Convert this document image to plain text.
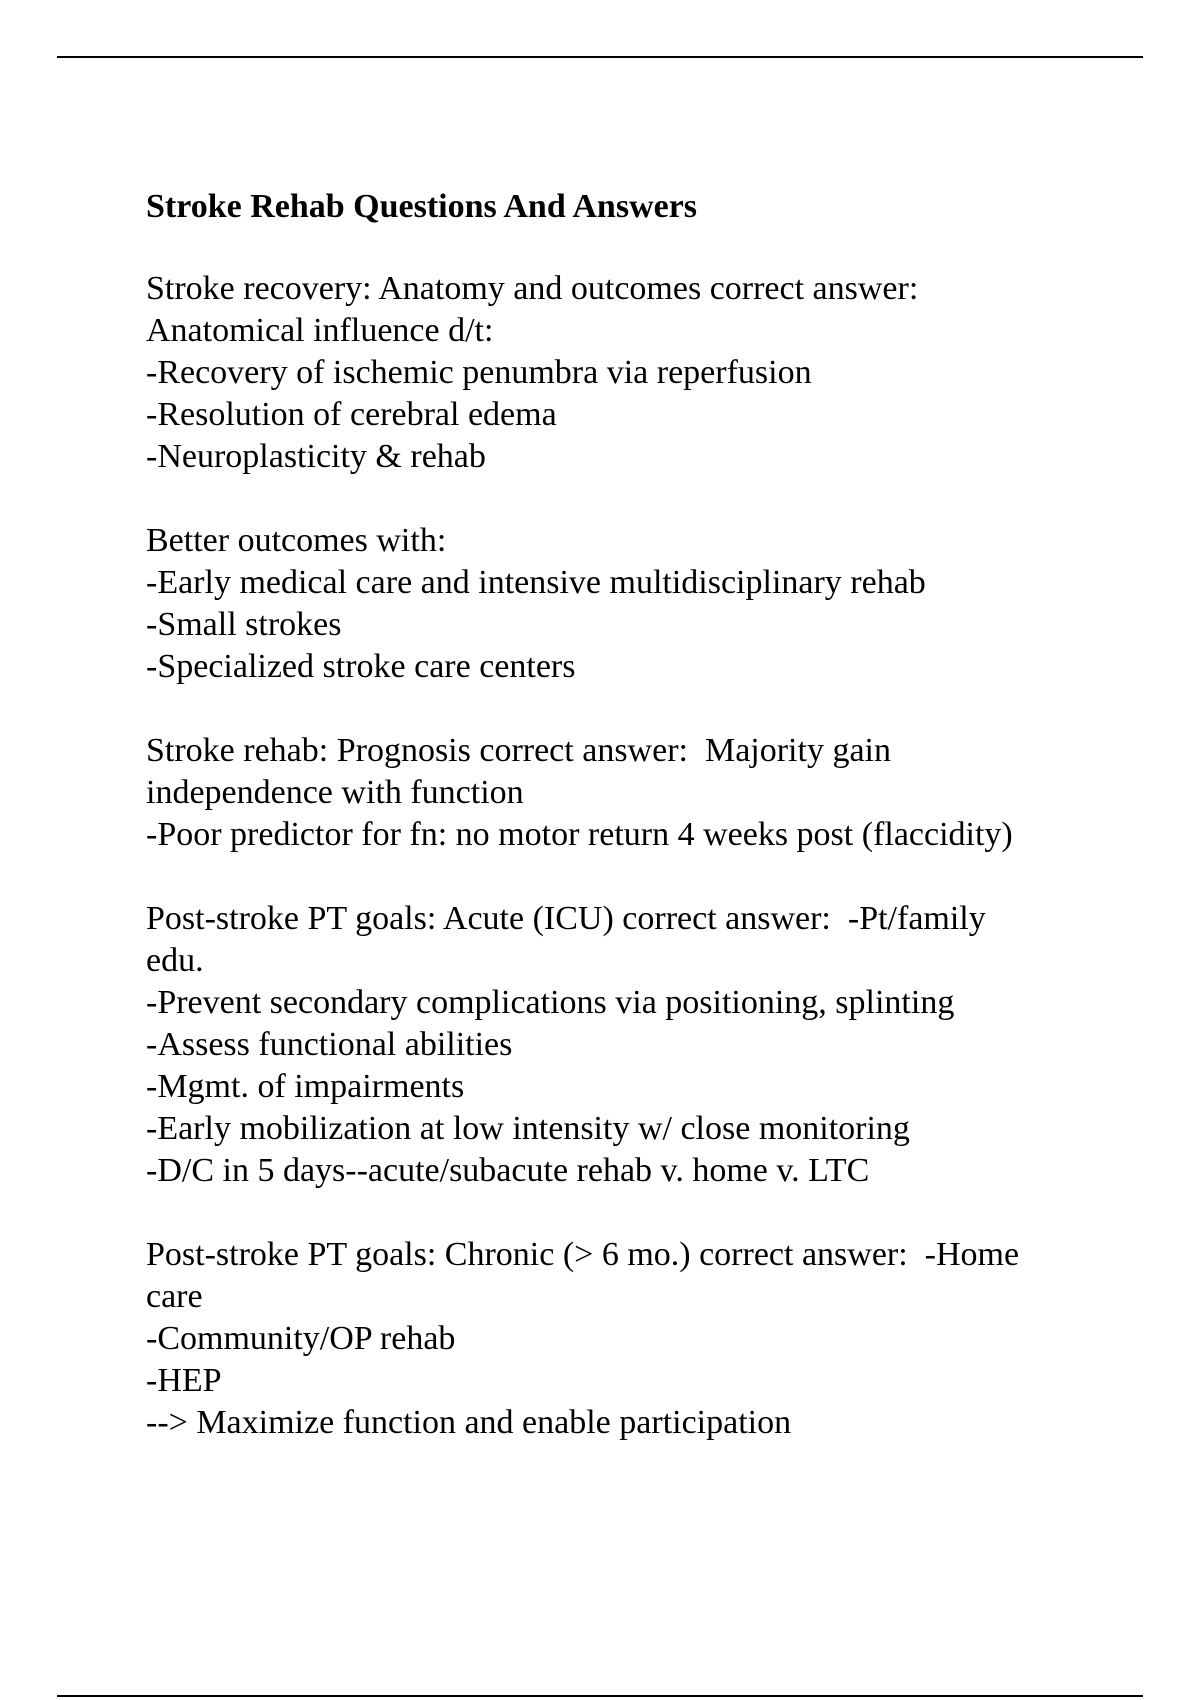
Stroke Rehab Questions And Answers
Stroke recovery: Anatomy and outcomes correct answer:
Anatomical influence d/t:
-Recovery of ischemic penumbra via reperfusion
-Resolution of cerebral edema
-Neuroplasticity & rehab
Better outcomes with:
-Early medical care and intensive multidisciplinary rehab
-Small strokes
-Specialized stroke care centers
Stroke rehab: Prognosis correct answer:  Majority gain
independence with function
-Poor predictor for fn: no motor return 4 weeks post (flaccidity)
Post-stroke PT goals: Acute (ICU) correct answer:  -Pt/family
edu.
-Prevent secondary complications via positioning, splinting
-Assess functional abilities
-Mgmt. of impairments
-Early mobilization at low intensity w/ close monitoring
-D/C in 5 days--acute/subacute rehab v. home v. LTC
Post-stroke PT goals: Chronic (> 6 mo.) correct answer:  -Home
care
-Community/OP rehab
-HEP
--> Maximize function and enable participation
